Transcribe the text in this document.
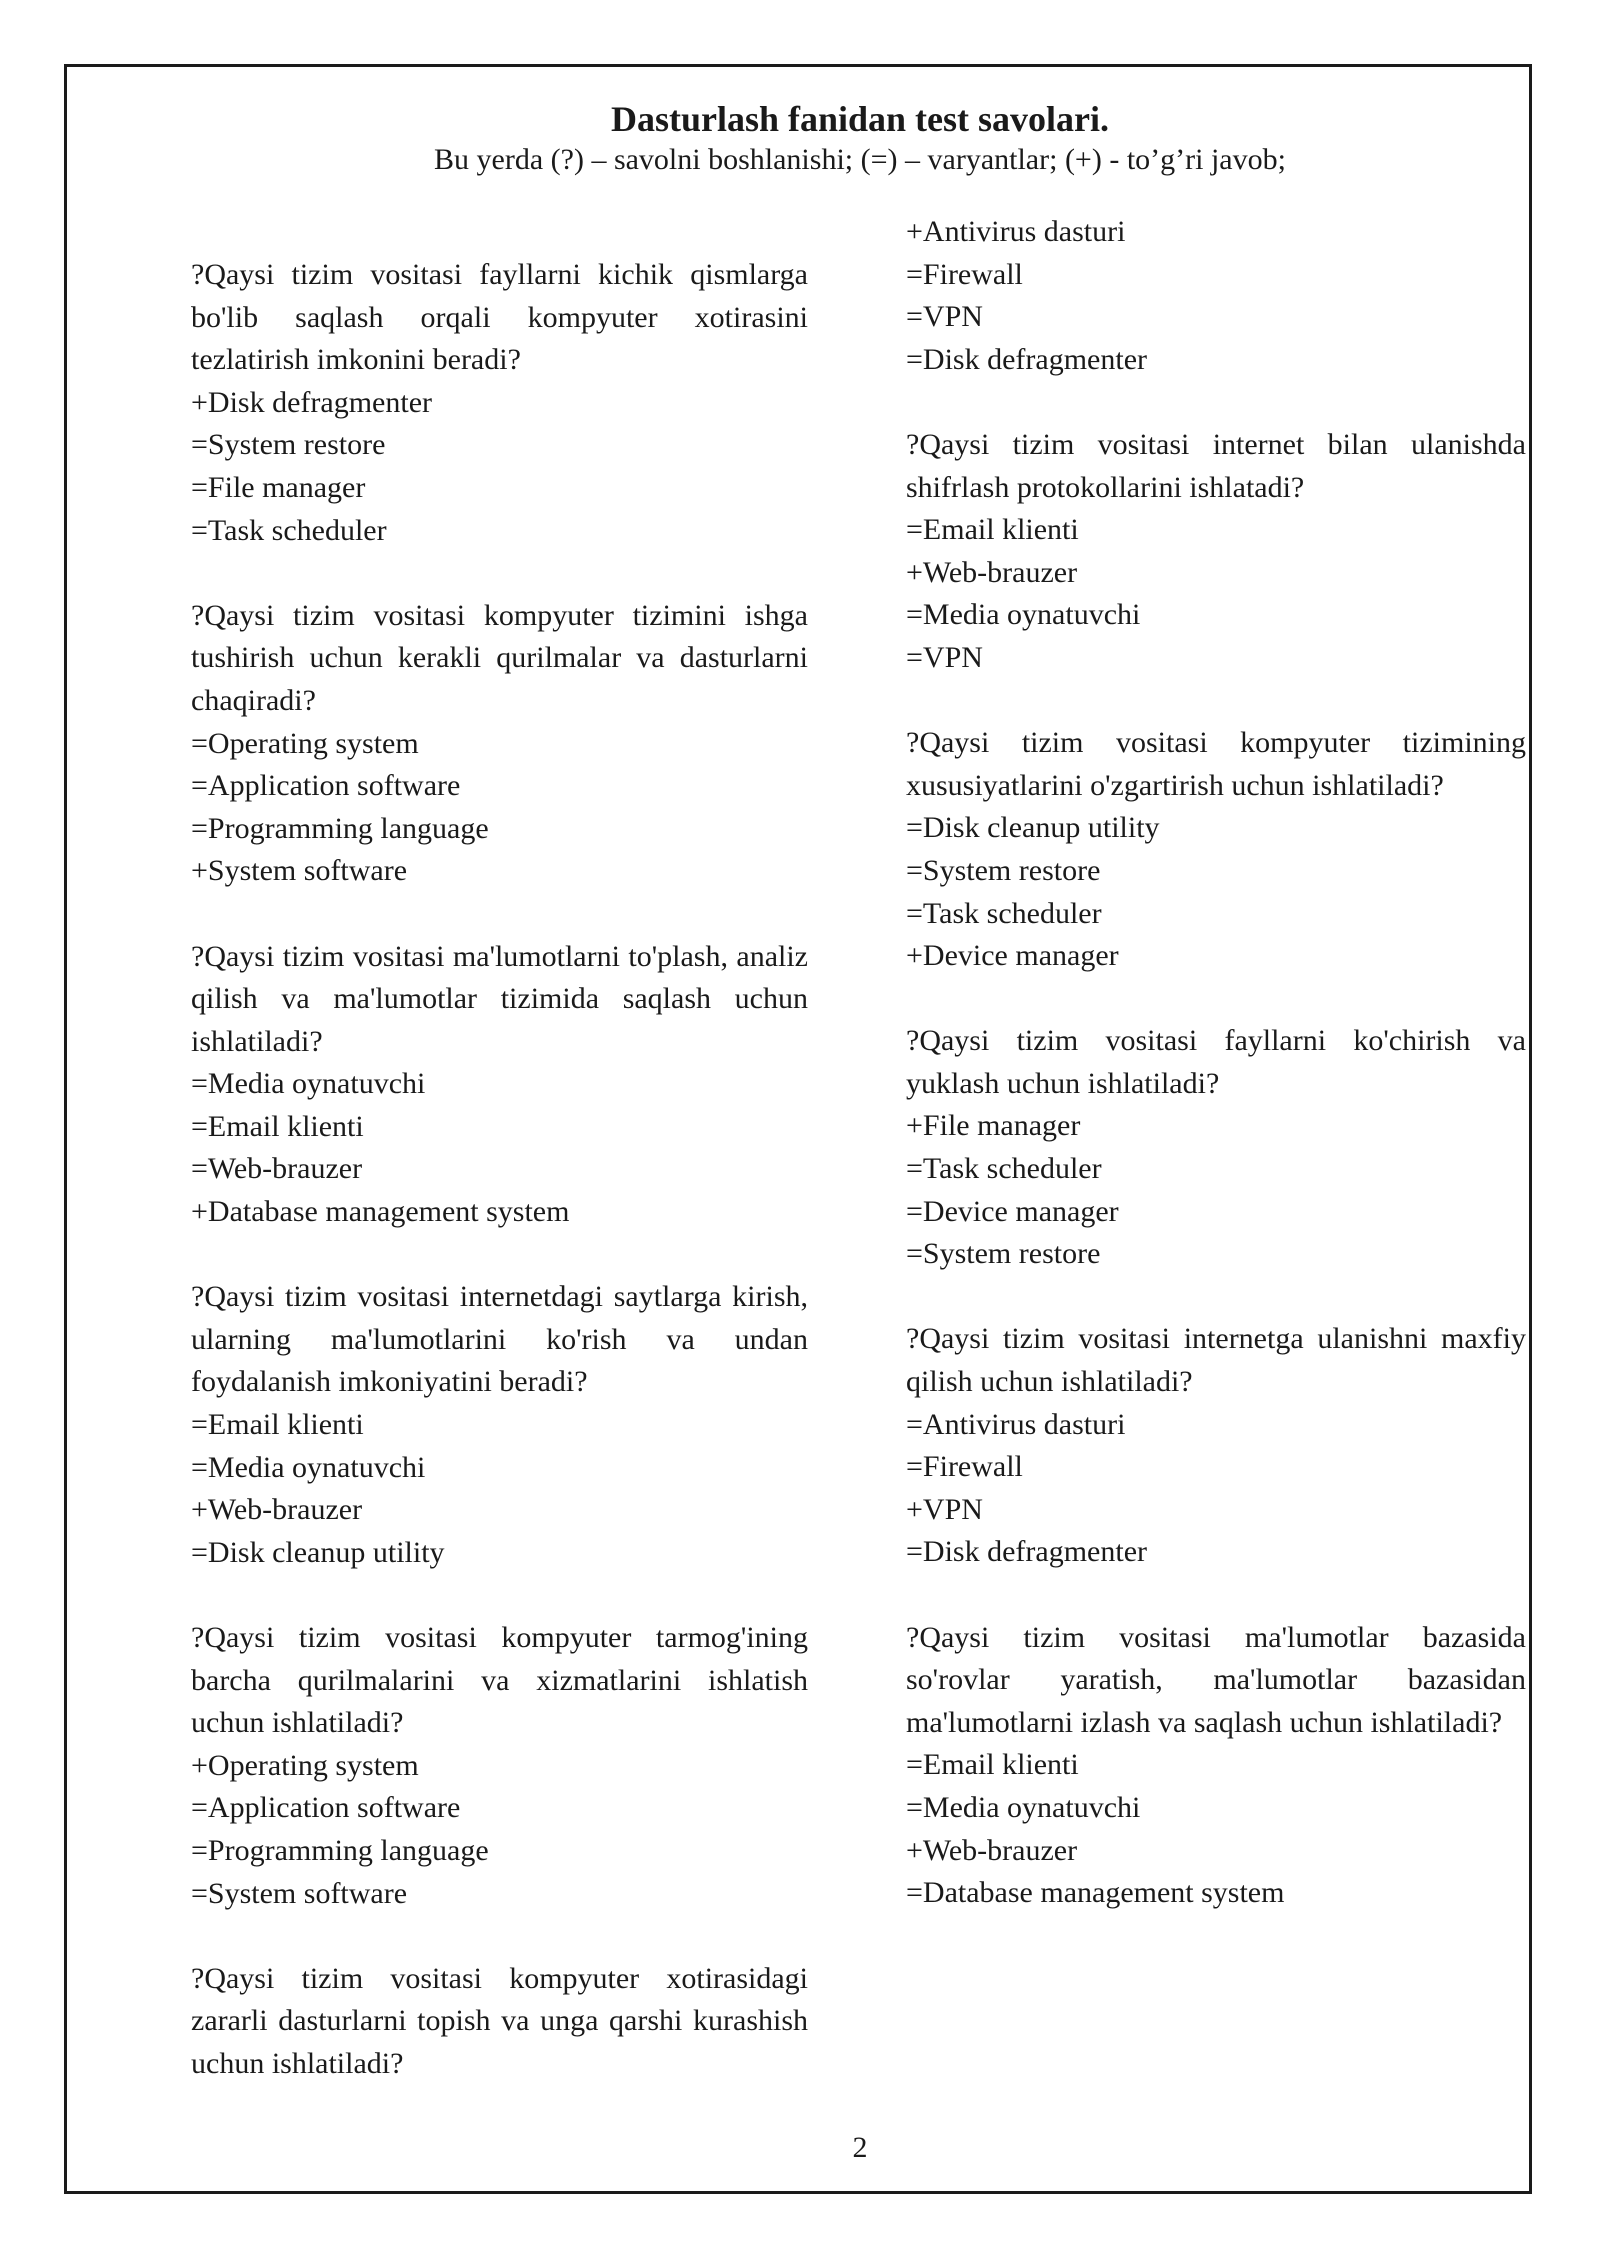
Dasturlash fanidan test savolari.
Bu yerda (?) – savolni boshlanishi; (=) – varyantlar; (+) - to’g’ri javob;
?Qaysi tizim vositasi fayllarni kichik qismlarga bo'lib saqlash orqali kompyuter xotirasini tezlatirish imkonini beradi?
+Disk defragmenter
=System restore
=File manager
=Task scheduler
?Qaysi tizim vositasi kompyuter tizimini ishga tushirish uchun kerakli qurilmalar va dasturlarni chaqiradi?
=Operating system
=Application software
=Programming language
+System software
?Qaysi tizim vositasi ma'lumotlarni to'plash, analiz qilish va ma'lumotlar tizimida saqlash uchun ishlatiladi?
=Media oynatuvchi
=Email klienti
=Web-brauzer
+Database management system
?Qaysi tizim vositasi internetdagi saytlarga kirish, ularning ma'lumotlarini ko'rish va undan foydalanish imkoniyatini beradi?
=Email klienti
=Media oynatuvchi
+Web-brauzer
=Disk cleanup utility
?Qaysi tizim vositasi kompyuter tarmog'ining barcha qurilmalarini va xizmatlarini ishlatish uchun ishlatiladi?
+Operating system
=Application software
=Programming language
=System software
?Qaysi tizim vositasi kompyuter xotirasidagi zararli dasturlarni topish va unga qarshi kurashish uchun ishlatiladi?
+Antivirus dasturi
=Firewall
=VPN
=Disk defragmenter
?Qaysi tizim vositasi internet bilan ulanishda shifrlash protokollarini ishlatadi?
=Email klienti
+Web-brauzer
=Media oynatuvchi
=VPN
?Qaysi tizim vositasi kompyuter tizimining xususiyatlarini o'zgartirish uchun ishlatiladi?
=Disk cleanup utility
=System restore
=Task scheduler
+Device manager
?Qaysi tizim vositasi fayllarni ko'chirish va yuklash uchun ishlatiladi?
+File manager
=Task scheduler
=Device manager
=System restore
?Qaysi tizim vositasi internetga ulanishni maxfiy qilish uchun ishlatiladi?
=Antivirus dasturi
=Firewall
+VPN
=Disk defragmenter
?Qaysi tizim vositasi ma'lumotlar bazasida so'rovlar yaratish, ma'lumotlar bazasidan ma'lumotlarni izlash va saqlash uchun ishlatiladi?
=Email klienti
=Media oynatuvchi
+Web-brauzer
=Database management system
2
